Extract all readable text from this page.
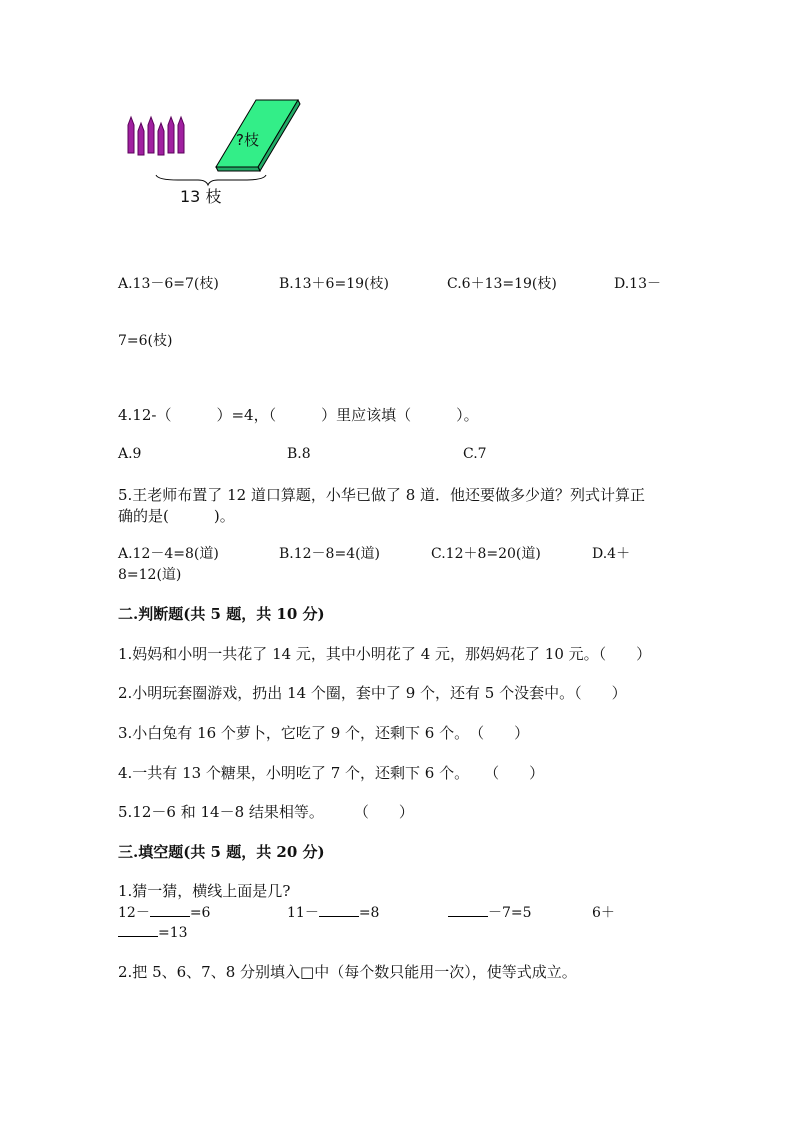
?枝
13 枝
A.13－6=7(枝)	B.13＋6=19(枝)	C.6＋13=19(枝)	D.13－
7=6(枝)
4.12-（　　　）=4，（　　　）里应该填（　　　）。
A.9	B.8	C.7
5.王老师布置了 12 道口算题，小华已做了 8 道．他还要做多少道？列式计算正
确的是(　　　)。
A.12－4=8(道)	B.12－8=4(道)	C.12＋8=20(道)	D.4＋
8=12(道)
二.判断题(共 5 题，共 10 分)
1.妈妈和小明一共花了 14 元，其中小明花了 4 元，那妈妈花了 10 元。（　　）
2.小明玩套圈游戏，扔出 14 个圈，套中了 9 个，还有 5 个没套中。（　　）
3.小白兔有 16 个萝卜，它吃了 9 个，还剩下 6 个。　（　　）
4.一共有 13 个糖果，小明吃了 7 个，还剩下 6 个。　　（　　）
5.12－6 和 14－8 结果相等。　　　（　　）
三.填空题(共 5 题，共 20 分)
1.猜一猜，横线上面是几?
12－	=6	11－	=8	－7=5	6＋
=13
2.把 5、6、7、8 分别填入□中（每个数只能用一次），使等式成立。
